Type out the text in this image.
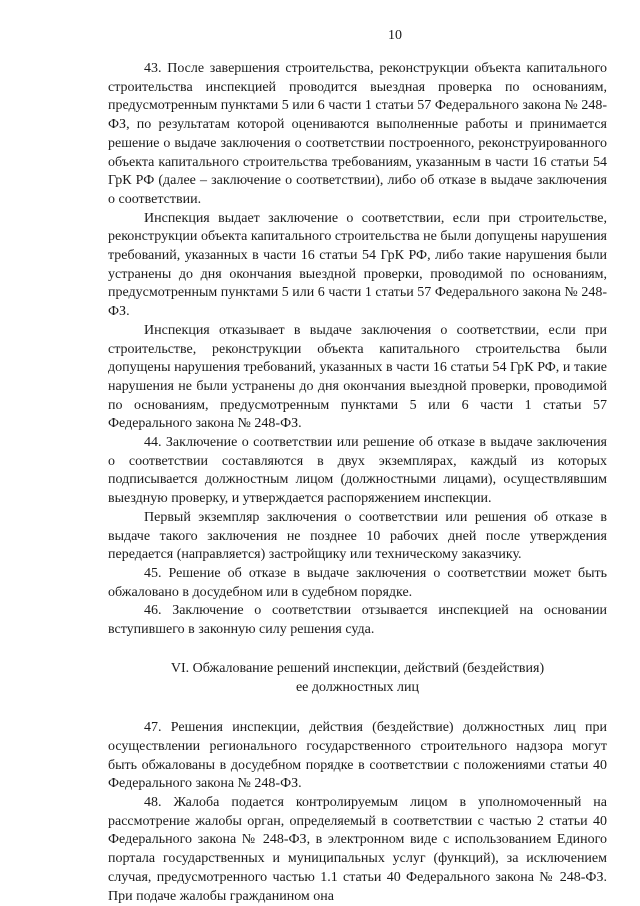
10

43. После завершения строительства, реконструкции объекта капитального строительства инспекцией проводится выездная проверка по основаниям, предусмотренным пунктами 5 или 6 части 1 статьи 57 Федерального закона № 248-ФЗ, по результатам которой оцениваются выполненные работы и принимается решение о выдаче заключения о соответствии построенного, реконструированного объекта капитального строительства требованиям, указанным в части 16 статьи 54 ГрК РФ (далее – заключение о соответствии), либо об отказе в выдаче заключения о соответствии.

Инспекция выдает заключение о соответствии, если при строительстве, реконструкции объекта капитального строительства не были допущены нарушения требований, указанных в части 16 статьи 54 ГрК РФ, либо такие нарушения были устранены до дня окончания выездной проверки, проводимой по основаниям, предусмотренным пунктами 5 или 6 части 1 статьи 57 Федерального закона № 248-ФЗ.

Инспекция отказывает в выдаче заключения о соответствии, если при строительстве, реконструкции объекта капитального строительства были допущены нарушения требований, указанных в части 16 статьи 54 ГрК РФ, и такие нарушения не были устранены до дня окончания выездной проверки, проводимой по основаниям, предусмотренным пунктами 5 или 6 части 1 статьи 57 Федерального закона № 248-ФЗ.

44. Заключение о соответствии или решение об отказе в выдаче заключения о соответствии составляются в двух экземплярах, каждый из которых подписывается должностным лицом (должностными лицами), осуществлявшим выездную проверку, и утверждается распоряжением инспекции.

Первый экземпляр заключения о соответствии или решения об отказе в выдаче такого заключения не позднее 10 рабочих дней после утверждения передается (направляется) застройщику или техническому заказчику.

45. Решение об отказе в выдаче заключения о соответствии может быть обжаловано в досудебном или в судебном порядке.

46. Заключение о соответствии отзывается инспекцией на основании вступившего в законную силу решения суда.

VI. Обжалование решений инспекции, действий (бездействия)
ее должностных лиц

47. Решения инспекции, действия (бездействие) должностных лиц при осуществлении регионального государственного строительного надзора могут быть обжалованы в досудебном порядке в соответствии с положениями статьи 40 Федерального закона № 248-ФЗ.

48. Жалоба подается контролируемым лицом в уполномоченный на рассмотрение жалобы орган, определяемый в соответствии с частью 2 статьи 40 Федерального закона № 248-ФЗ, в электронном виде с использованием Единого портала государственных и муниципальных услуг (функций), за исключением случая, предусмотренного частью 1.1 статьи 40 Федерального закона № 248-ФЗ. При подаче жалобы гражданином она
